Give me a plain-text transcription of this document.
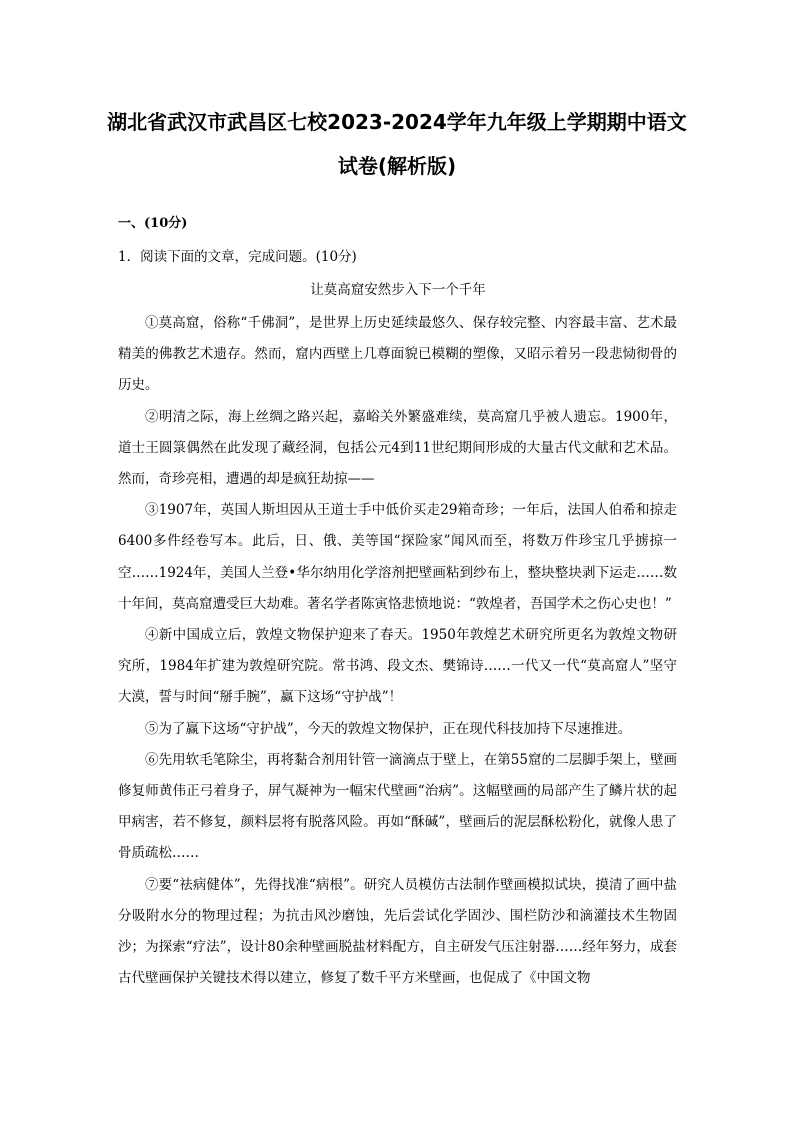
湖北省武汉市武昌区七校2023-2024学年九年级上学期期中语文
试卷(解析版)
一、(10分)
1．阅读下面的文章，完成问题。(10分)
让莫高窟安然步入下一个千年

①莫高窟，俗称“千佛洞”，是世界上历史延续最悠久、保存较完整、内容最丰富、艺术最精美的佛教艺术遗存。然而，窟内西壁上几尊面貌已模糊的塑像，又昭示着另一段悲恸彻骨的历史。

②明清之际，海上丝绸之路兴起，嘉峪关外繁盛难续，莫高窟几乎被人遗忘。1900年，道士王圆箓偶然在此发现了藏经洞，包括公元4到11世纪期间形成的大量古代文献和艺术品。然而，奇珍亮相，遭遇的却是疯狂劫掠——

③1907年，英国人斯坦因从王道士手中低价买走29箱奇珍；一年后，法国人伯希和掠走6400多件经卷写本。此后，日、俄、美等国“探险家”闻风而至，将数万件珍宝几乎掳掠一空……1924年，美国人兰登•华尔纳用化学溶剂把壁画粘到纱布上，整块整块剥下运走……数十年间，莫高窟遭受巨大劫难。著名学者陈寅恪悲愤地说：“敦煌者，吾国学术之伤心史也！”

④新中国成立后，敦煌文物保护迎来了春天。1950年敦煌艺术研究所更名为敦煌文物研究所，1984年扩建为敦煌研究院。常书鸿、段文杰、樊锦诗……一代又一代“莫高窟人”坚守大漠，誓与时间“掰手腕”，赢下这场“守护战”！

⑤为了赢下这场“守护战”，今天的敦煌文物保护，正在现代科技加持下尽速推进。

⑥先用软毛笔除尘，再将黏合剂用针管一滴滴点于壁上，在第55窟的二层脚手架上，壁画修复师黄伟正弓着身子，屏气凝神为一幅宋代壁画“治病”。这幅壁画的局部产生了鳞片状的起甲病害，若不修复，颜料层将有脱落风险。再如“酥碱”，壁画后的泥层酥松粉化，就像人患了骨质疏松……

⑦要“祛病健体”，先得找准“病根”。研究人员模仿古法制作壁画模拟试块，摸清了画中盐分吸附水分的物理过程；为抗击风沙磨蚀，先后尝试化学固沙、围栏防沙和滴灌技术生物固沙；为探索“疗法”，设计80余种壁画脱盐材料配方，自主研发气压注射器……经年努力，成套古代壁画保护关键技术得以建立，修复了数千平方米壁画，也促成了《中国文物
